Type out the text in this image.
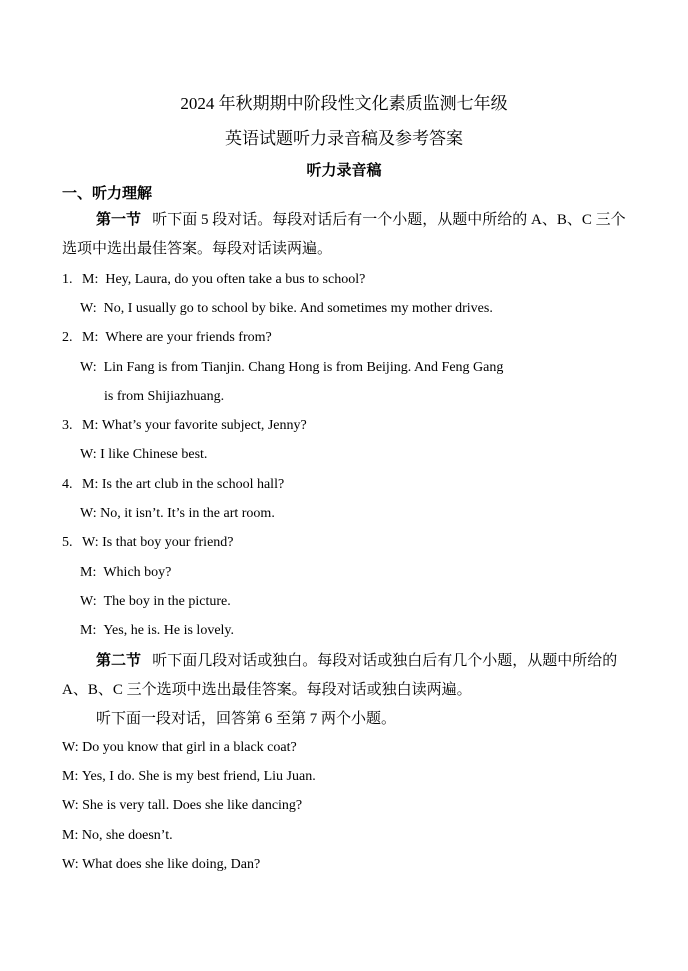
2024 年秋期期中阶段性文化素质监测七年级
英语试题听力录音稿及参考答案
听力录音稿
一、听力理解
第一节 听下面 5 段对话。每段对话后有一个小题，从题中所给的 A、B、C 三个选项中选出最佳答案。每段对话读两遍。
1. M: Hey, Laura, do you often take a bus to school?
W: No, I usually go to school by bike. And sometimes my mother drives.
2. M: Where are your friends from?
W: Lin Fang is from Tianjin. Chang Hong is from Beijing. And Feng Gang
is from Shijiazhuang.
3. M: What’s your favorite subject, Jenny?
W: I like Chinese best.
4. M: Is the art club in the school hall?
W: No, it isn’t. It’s in the art room.
5. W: Is that boy your friend?
M: Which boy?
W: The boy in the picture.
M: Yes, he is. He is lovely.
第二节 听下面几段对话或独白。每段对话或独白后有几个小题，从题中所给的 A、B、C 三个选项中选出最佳答案。每段对话或独白读两遍。
听下面一段对话，回答第 6 至第 7 两个小题。
W: Do you know that girl in a black coat?
M: Yes, I do. She is my best friend, Liu Juan.
W: She is very tall. Does she like dancing?
M: No, she doesn’t.
W: What does she like doing, Dan?
